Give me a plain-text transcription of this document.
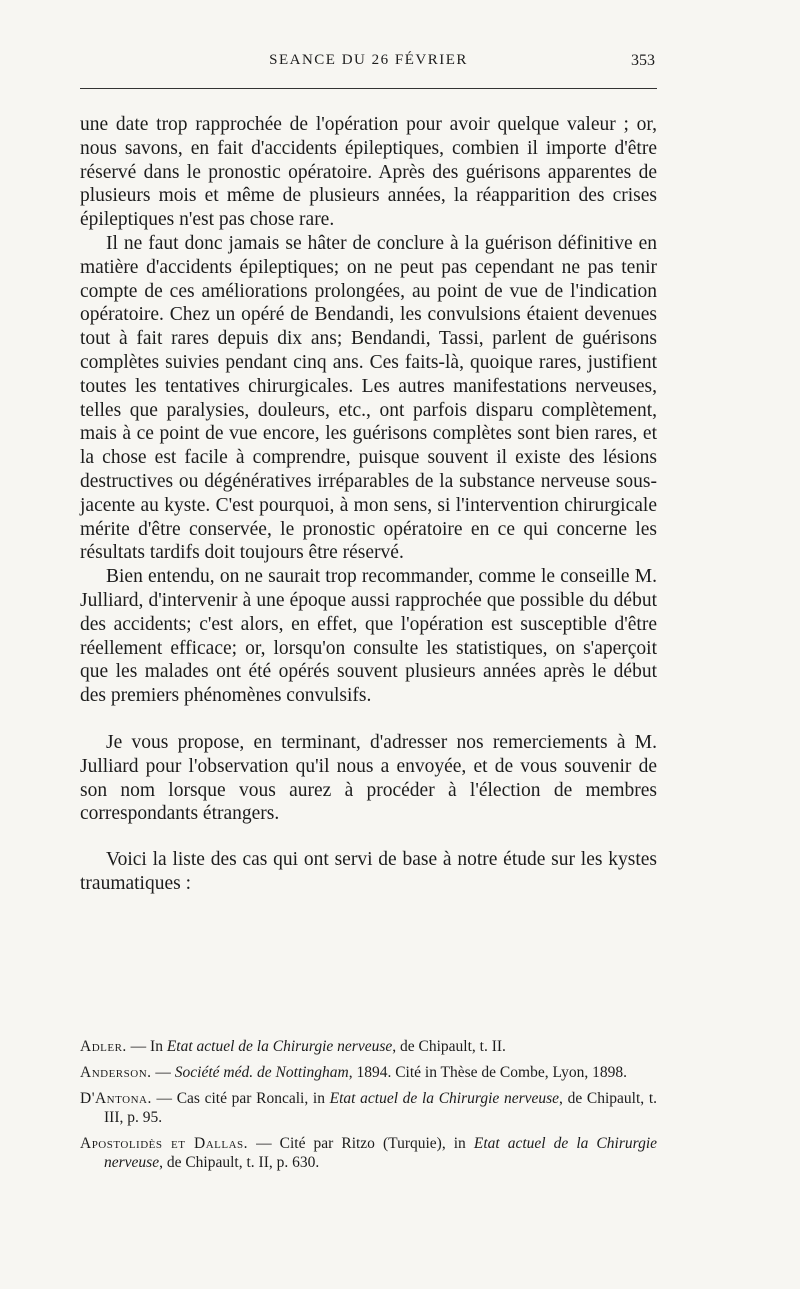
SEANCE DU 26 FÉVRIER	353

une date trop rapprochée de l'opération pour avoir quelque valeur ; or, nous savons, en fait d'accidents épileptiques, combien il importe d'être réservé dans le pronostic opératoire. Après des guérisons apparentes de plusieurs mois et même de plusieurs années, la réapparition des crises épileptiques n'est pas chose rare.

Il ne faut donc jamais se hâter de conclure à la guérison définitive en matière d'accidents épileptiques; on ne peut pas cependant ne pas tenir compte de ces améliorations prolongées, au point de vue de l'indication opératoire. Chez un opéré de Bendandi, les convulsions étaient devenues tout à fait rares depuis dix ans; Bendandi, Tassi, parlent de guérisons complètes suivies pendant cinq ans. Ces faits-là, quoique rares, justifient toutes les tentatives chirurgicales. Les autres manifestations nerveuses, telles que paralysies, douleurs, etc., ont parfois disparu complètement, mais à ce point de vue encore, les guérisons complètes sont bien rares, et la chose est facile à comprendre, puisque souvent il existe des lésions destructives ou dégénératives irréparables de la substance nerveuse sous-jacente au kyste. C'est pourquoi, à mon sens, si l'intervention chirurgicale mérite d'être conservée, le pronostic opératoire en ce qui concerne les résultats tardifs doit toujours être réservé.

Bien entendu, on ne saurait trop recommander, comme le conseille M. Julliard, d'intervenir à une époque aussi rapprochée que possible du début des accidents; c'est alors, en effet, que l'opération est susceptible d'être réellement efficace; or, lorsqu'on consulte les statistiques, on s'aperçoit que les malades ont été opérés souvent plusieurs années après le début des premiers phénomènes convulsifs.

Je vous propose, en terminant, d'adresser nos remerciements à M. Julliard pour l'observation qu'il nous a envoyée, et de vous souvenir de son nom lorsque vous aurez à procéder à l'élection de membres correspondants étrangers.

Voici la liste des cas qui ont servi de base à notre étude sur les kystes traumatiques :

Adler. — In Etat actuel de la Chirurgie nerveuse, de Chipault, t. II.

Anderson. — Société méd. de Nottingham, 1894. Cité in Thèse de Combe, Lyon, 1898.

D'Antona. — Cas cité par Roncali, in Etat actuel de la Chirurgie nerveuse, de Chipault, t. III, p. 95.

Apostolidès et Dallas. — Cité par Ritzo (Turquie), in Etat actuel de la Chirurgie nerveuse, de Chipault, t. II, p. 630.
